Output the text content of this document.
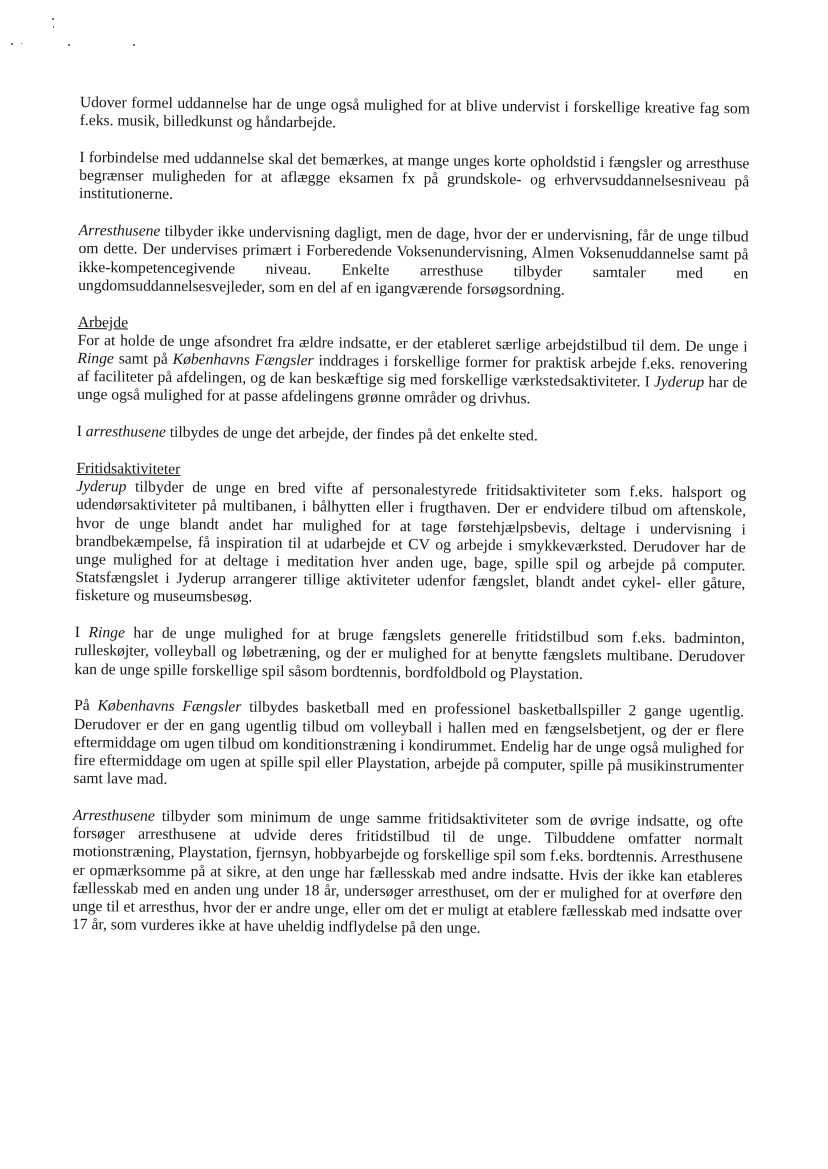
Udover formel uddannelse har de unge også mulighed for at blive undervist i forskellige kreative fag som f.eks. musik, billedkunst og håndarbejde.

I forbindelse med uddannelse skal det bemærkes, at mange unges korte opholdstid i fængsler og arresthuse begrænser muligheden for at aflægge eksamen fx på grundskole- og erhvervsuddannelsesniveau på institutionerne.

Arresthusene tilbyder ikke undervisning dagligt, men de dage, hvor der er undervisning, får de unge tilbud om dette. Der undervises primært i Forberedende Voksenundervisning, Almen Voksenuddannelse samt på ikke-kompetencegivende niveau. Enkelte arresthuse tilbyder samtaler med en ungdomsuddannelsesvejleder, som en del af en igangværende forsøgsordning.

Arbejde

For at holde de unge afsondret fra ældre indsatte, er der etableret særlige arbejdstilbud til dem. De unge i Ringe samt på Københavns Fængsler inddrages i forskellige former for praktisk arbejde f.eks. renovering af faciliteter på afdelingen, og de kan beskæftige sig med forskellige værkstedsaktiviteter. I Jyderup har de unge også mulighed for at passe afdelingens grønne områder og drivhus.

I arresthusene tilbydes de unge det arbejde, der findes på det enkelte sted.

Fritidsaktiviteter

Jyderup tilbyder de unge en bred vifte af personalestyrede fritidsaktiviteter som f.eks. halsport og udendørsaktiviteter på multibanen, i bålhytten eller i frugthaven. Der er endvidere tilbud om aftenskole, hvor de unge blandt andet har mulighed for at tage førstehjælpsbevis, deltage i undervisning i brandbekæmpelse, få inspiration til at udarbejde et CV og arbejde i smykkeværksted. Derudover har de unge mulighed for at deltage i meditation hver anden uge, bage, spille spil og arbejde på computer. Statsfængslet i Jyderup arrangerer tillige aktiviteter udenfor fængslet, blandt andet cykel- eller gåture, fisketure og museumsbesøg.

I Ringe har de unge mulighed for at bruge fængslets generelle fritidstilbud som f.eks. badminton, rulleskøjter, volleyball og løbetræning, og der er mulighed for at benytte fængslets multibane. Derudover kan de unge spille forskellige spil såsom bordtennis, bordfoldbold og Playstation.

På Københavns Fængsler tilbydes basketball med en professionel basketballspiller 2 gange ugentlig. Derudover er der en gang ugentlig tilbud om volleyball i hallen med en fængselsbetjent, og der er flere eftermiddage om ugen tilbud om konditionstræning i kondirummet. Endelig har de unge også mulighed for fire eftermiddage om ugen at spille spil eller Playstation, arbejde på computer, spille på musikinstrumenter samt lave mad.

Arresthusene tilbyder som minimum de unge samme fritidsaktiviteter som de øvrige indsatte, og ofte forsøger arresthusene at udvide deres fritidstilbud til de unge. Tilbuddene omfatter normalt motionstræning, Playstation, fjernsyn, hobbyarbejde og forskellige spil som f.eks. bordtennis. Arresthusene er opmærksomme på at sikre, at den unge har fællesskab med andre indsatte. Hvis der ikke kan etableres fællesskab med en anden ung under 18 år, undersøger arresthuset, om der er mulighed for at overføre den unge til et arresthus, hvor der er andre unge, eller om det er muligt at etablere fællesskab med indsatte over 17 år, som vurderes ikke at have uheldig indflydelse på den unge.
